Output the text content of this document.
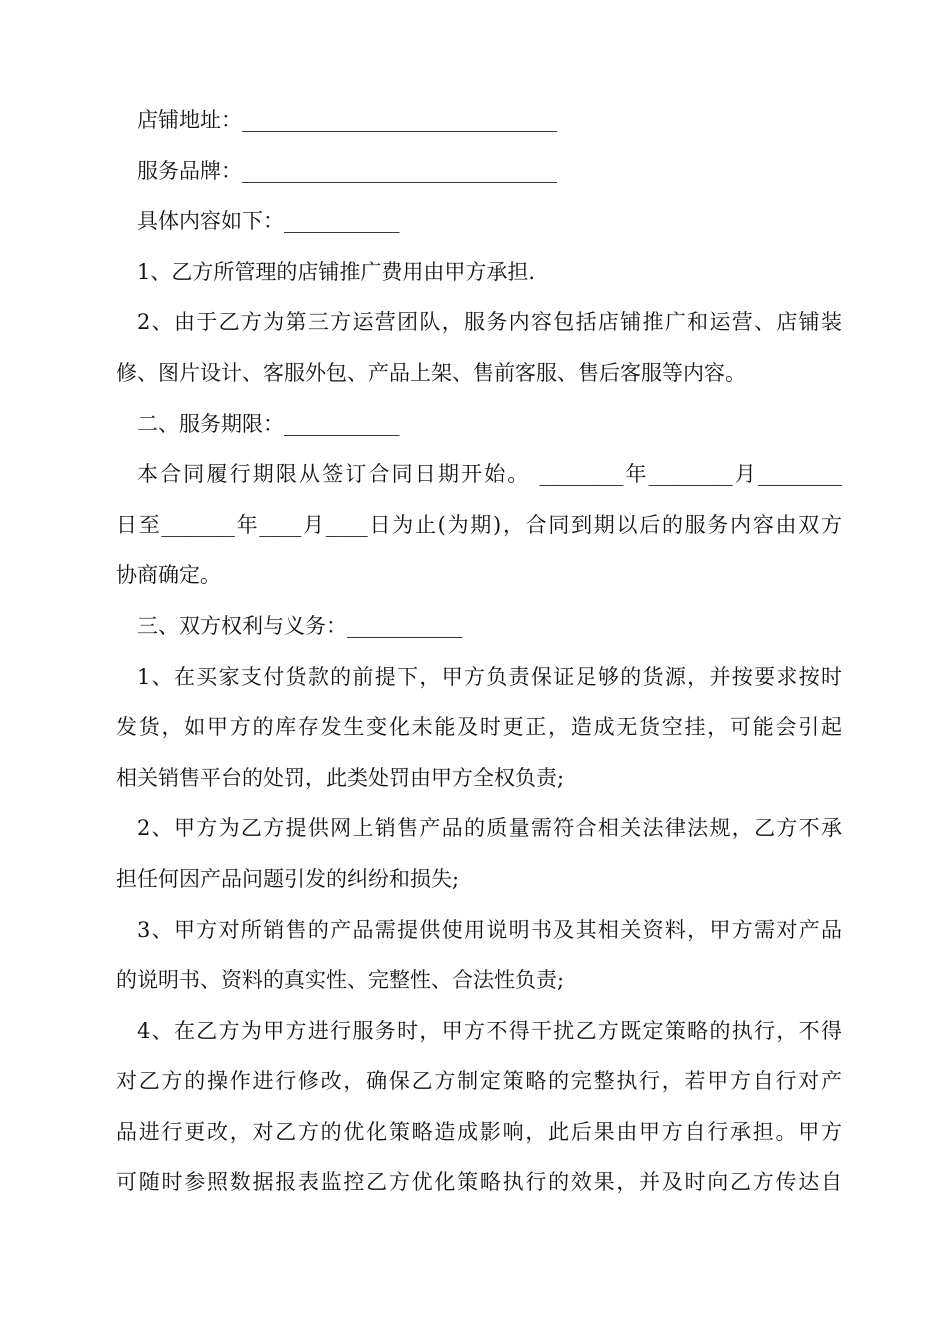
店铺地址：______________________________
服务品牌：______________________________
具体内容如下：___________
1、乙方所管理的店铺推广费用由甲方承担.
2、由于乙方为第三方运营团队，服务内容包括店铺推广和运营、店铺装
修、图片设计、客服外包、产品上架、售前客服、售后客服等内容。
二、服务期限：___________
本合同履行期限从签订合同日期开始。 ________年________月________
日至_______年____月____日为止(为期)，合同到期以后的服务内容由双方
协商确定。
三、双方权利与义务：___________
1、在买家支付货款的前提下，甲方负责保证足够的货源，并按要求按时
发货，如甲方的库存发生变化未能及时更正，造成无货空挂，可能会引起
相关销售平台的处罚，此类处罚由甲方全权负责;
2、甲方为乙方提供网上销售产品的质量需符合相关法律法规，乙方不承
担任何因产品问题引发的纠纷和损失;
3、甲方对所销售的产品需提供使用说明书及其相关资料，甲方需对产品
的说明书、资料的真实性、完整性、合法性负责;
4、在乙方为甲方进行服务时，甲方不得干扰乙方既定策略的执行，不得
对乙方的操作进行修改，确保乙方制定策略的完整执行，若甲方自行对产
品进行更改，对乙方的优化策略造成影响，此后果由甲方自行承担。甲方
可随时参照数据报表监控乙方优化策略执行的效果，并及时向乙方传达自
